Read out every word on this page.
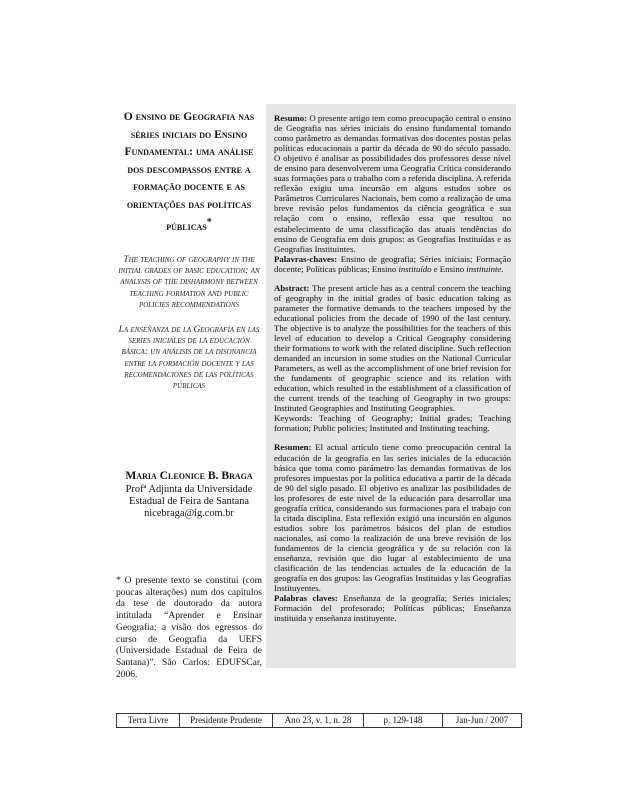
O ensino de Geografia nas séries iniciais do Ensino Fundamental: uma análise dos descompassos entre a formação docente e as orientações das políticas públicas*

The teaching of geography in the initial grades of basic education: an analysis of the disharmony between teaching formation and public policies recommendations

La enseñanza de la Geografía en las series iniciales de la educación básica: un análisis de la disonancia entre la formación docente y las recomendaciones de las políticas públicas

Maria Cleonice B. Braga

Profª Adjunta da Universidade

Estadual de Feira de Santana

nicebraga@ig.com.br

* O presente texto se constitui (com poucas alterações) num dos capítulos da tese de doutorado da autora intitulada “Aprender e Ensinar Geografia: a visão dos egressos do curso de Geografia da UEFS (Universidade Estadual de Feira de Santana)”. São Carlos: EDUFSCar, 2006.

Resumo: O presente artigo tem como preocupação central o ensino de Geografia nas séries iniciais do ensino fundamental tomando como parâmetro as demandas formativas dos docentes postas pelas políticas educacionais a partir da década de 90 do século passado. O objetivo é analisar as possibilidades dos professores desse nível de ensino para desenvolverem uma Geografia Crítica considerando suas formações para o trabalho com a referida disciplina. A referida reflexão exigiu uma incursão em alguns estudos sobre os Parâmetros Curriculares Nacionais, bem como a realização de uma breve revisão pelos fundamentos da ciência geográfica e sua relação com o ensino, reflexão essa que resultou no estabelecimento de uma classificação das atuais tendências do ensino de Geografia em dois grupos: as Geografias Instituídas e as Geografias Instituintes.

Palavras-chaves: Ensino de geografia; Séries iniciais; Formação docente; Políticas públicas; Ensino instituído e Ensino instituinte.

Abstract: The present article has as a central concern the teaching of geography in the initial grades of basic education taking as parameter the formative demands to the teachers imposed by the educational policies from the decade of 1990 of the last century. The objective is to analyze the possibilities for the teachers of this level of education to develop a Critical Geography considering their formations to work with the related discipline. Such reflection demanded an incursion in some studies on the National Curricular Parameters, as well as the accomplishment of one brief revision for the fundaments of geographic science and its relation with education, which resulted in the establishment of a classification of the current trends of the teaching of Geography in two groups: Instituted Geographies and Instituting Geographies.

Keywords: Teaching of Geography; Initial grades; Teaching formation; Public policies; Instituted and Instituting teaching.

Resumen: El actual artículo tiene como preocupación central la educación de la geografía en las series iniciales de la educación básica que toma como parámetro las demandas formativas de los profesores impuestas por la política educativa a partir de la década de 90 del siglo pasado. El objetivo es analizar las posibilidades de los profesores de este nivel de la educación para desarrollar una geografía crítica, considerando sus formaciones para el trabajo con la citada disciplina. Esta reflexión exigió una incursión en algunos estudios sobre los parámetros básicos del plan de estudios nacionales, así como la realización de una breve revisión de los fundamentos de la ciencia geográfica y de su relación con la enseñanza, revisión que dio lugar al establecimiento de una clasificación de las tendencias actuales de la educación de la geografía en dos grupos: las Geografías Instituidas y las Geografías Instituyentes.

Palabras claves: Enseñanza de la geografía; Series iniciales; Formación del profesorado; Políticas públicas; Enseñanza instituida y enseñanza instituyente.

Terra Livre	Presidente Prudente	Ano 23, v. 1, n. 28	p. 129-148	Jan-Jun / 2007
